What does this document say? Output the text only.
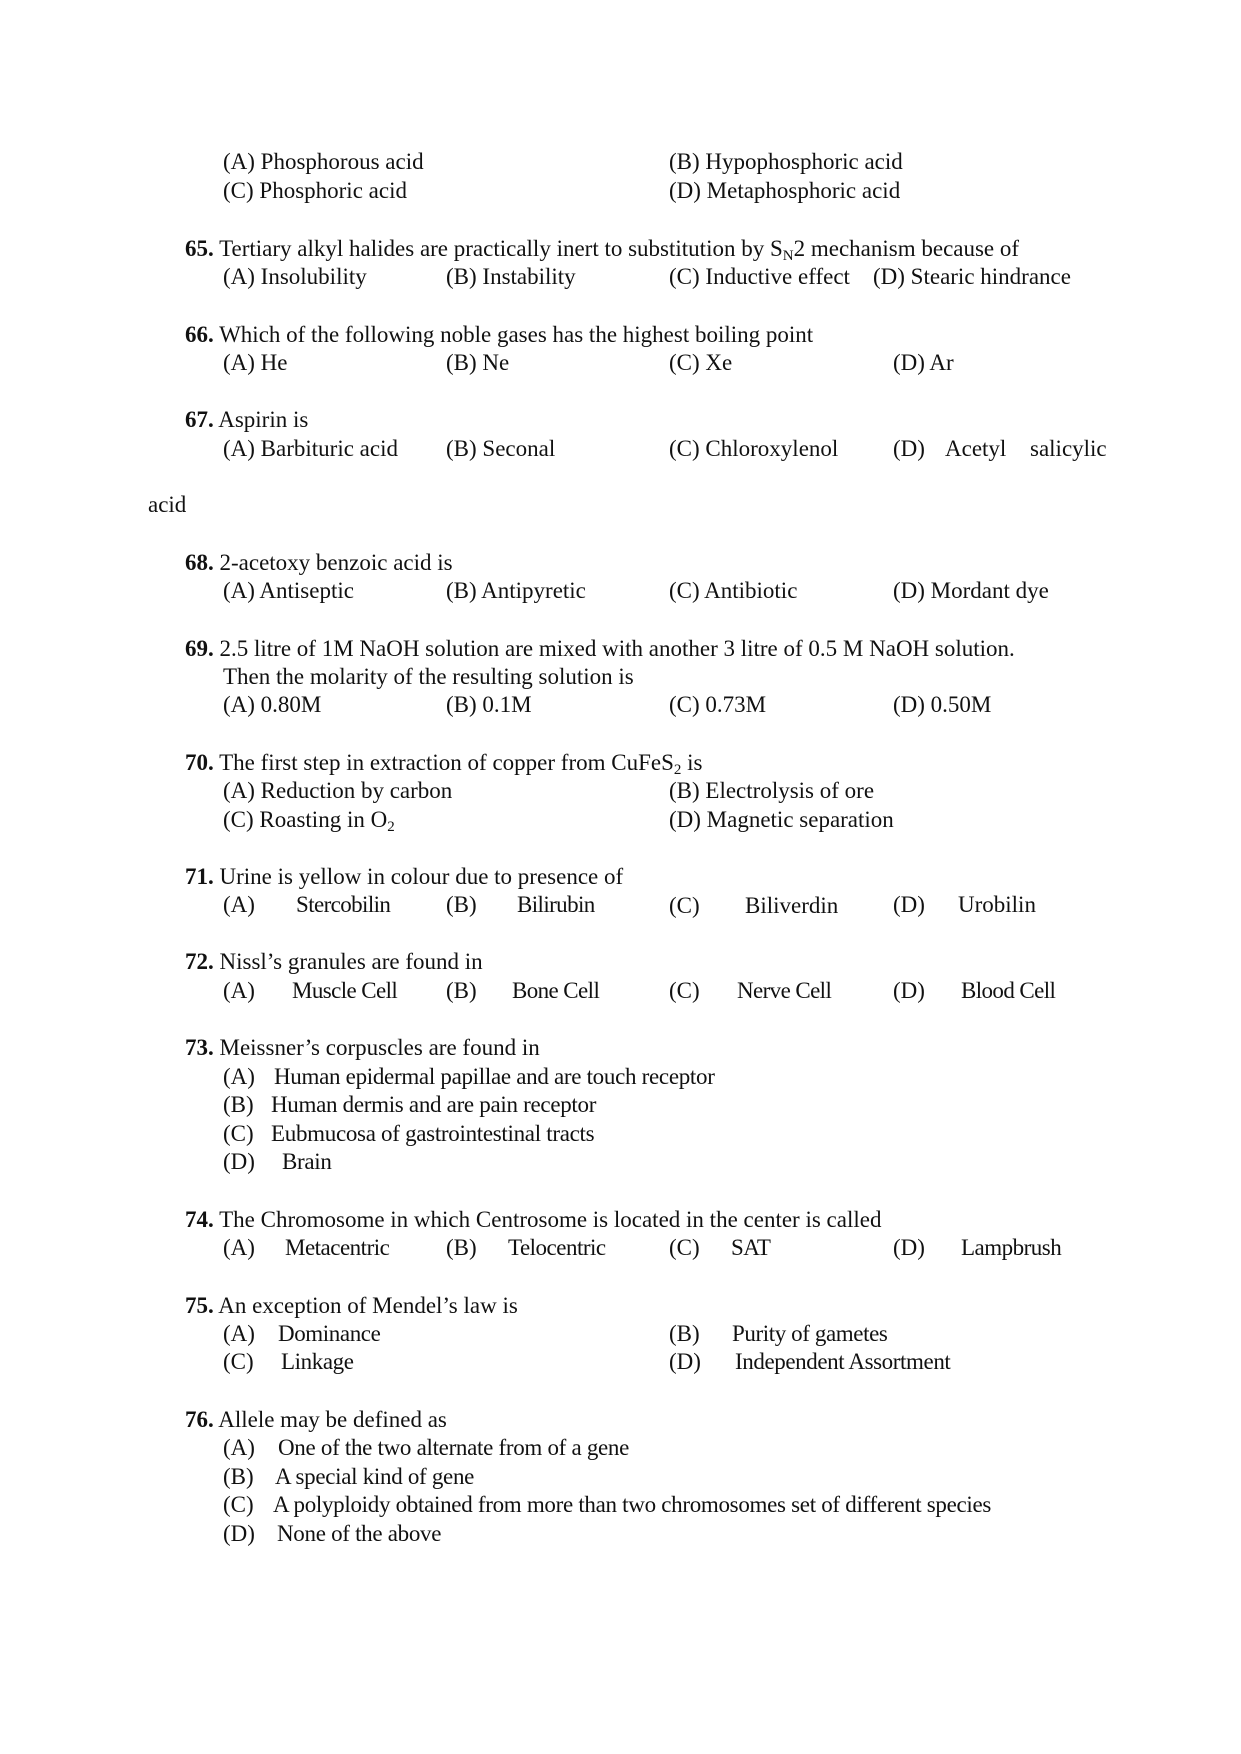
(A) Phosphorous acid	(B) Hypophosphoric acid
(C) Phosphoric acid	(D) Metaphosphoric acid
65. Tertiary alkyl halides are practically inert to substitution by $S_N2$ mechanism because of
(A) Insolubility	(B) Instability	(C) Inductive effect (D) Stearic hindrance
66. Which of the following noble gases has the highest boiling point
(A) He	(B) Ne	(C) Xe	(D) Ar
67. Aspirin is
(A) Barbituric acid (B) Seconal	(C) Chloroxylenol (D) Acetyl salicylic
acid
68. 2-acetoxy benzoic acid is
(A) Antiseptic	(B) Antipyretic	(C) Antibiotic	(D) Mordant dye
69. 2.5 litre of 1M NaOH solution are mixed with another 3 litre of 0.5 M NaOH solution.
Then the molarity of the resulting solution is
(A) 0.80M	(B) 0.1M	(C) 0.73M	(D) 0.50M
70. The first step in extraction of copper from CuFeS$_2$ is
(A) Reduction by carbon	(B) Electrolysis of ore
(C) Roasting in $O_2$	(D) Magnetic separation
71. Urine is yellow in colour due to presence of
(A) Stercobilin (B) Bilirubin	(C) Biliverdin (D) Urobilin
72. Nissl’s granules are found in
(A) Muscle Cell (B) Bone Cell	(C) Nerve Cell	(D) Blood Cell
73. Meissner’s corpuscles are found in
(A) Human epidermal papillae and are touch receptor
(B) Human dermis and are pain receptor
(C) Eubmucosa of gastrointestinal tracts
(D) Brain
74. The Chromosome in which Centrosome is located in the center is called
(A) Metacentric (B) Telocentric	(C) SAT	(D) Lampbrush
75. An exception of Mendel’s law is
(A) Dominance	(B) Purity of gametes
(C) Linkage	(D) Independent Assortment
76. Allele may be defined as
(A) One of the two alternate from of a gene
(B) A special kind of gene
(C) A polyploidy obtained from more than two chromosomes set of different species
(D) None of the above
